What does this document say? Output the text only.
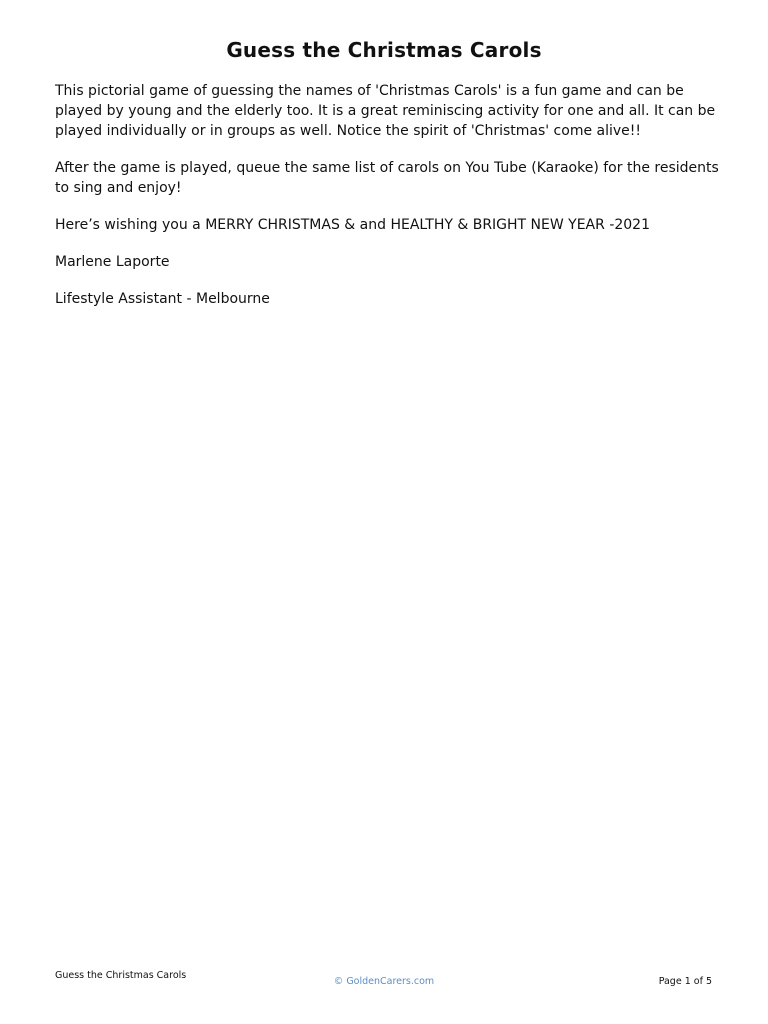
Guess the Christmas Carols

This pictorial game of guessing the names of 'Christmas Carols' is a fun game and can be played by young and the elderly too. It is a great reminiscing activity for one and all. It can be played individually or in groups as well. Notice the spirit of 'Christmas' come alive!!

After the game is played, queue the same list of carols on You Tube (Karaoke) for the residents to sing and enjoy!

Here’s wishing you a MERRY CHRISTMAS & and HEALTHY & BRIGHT NEW YEAR -2021

Marlene Laporte

Lifestyle Assistant - Melbourne

Guess the Christmas Carols
© GoldenCarers.com	Page 1 of 5
